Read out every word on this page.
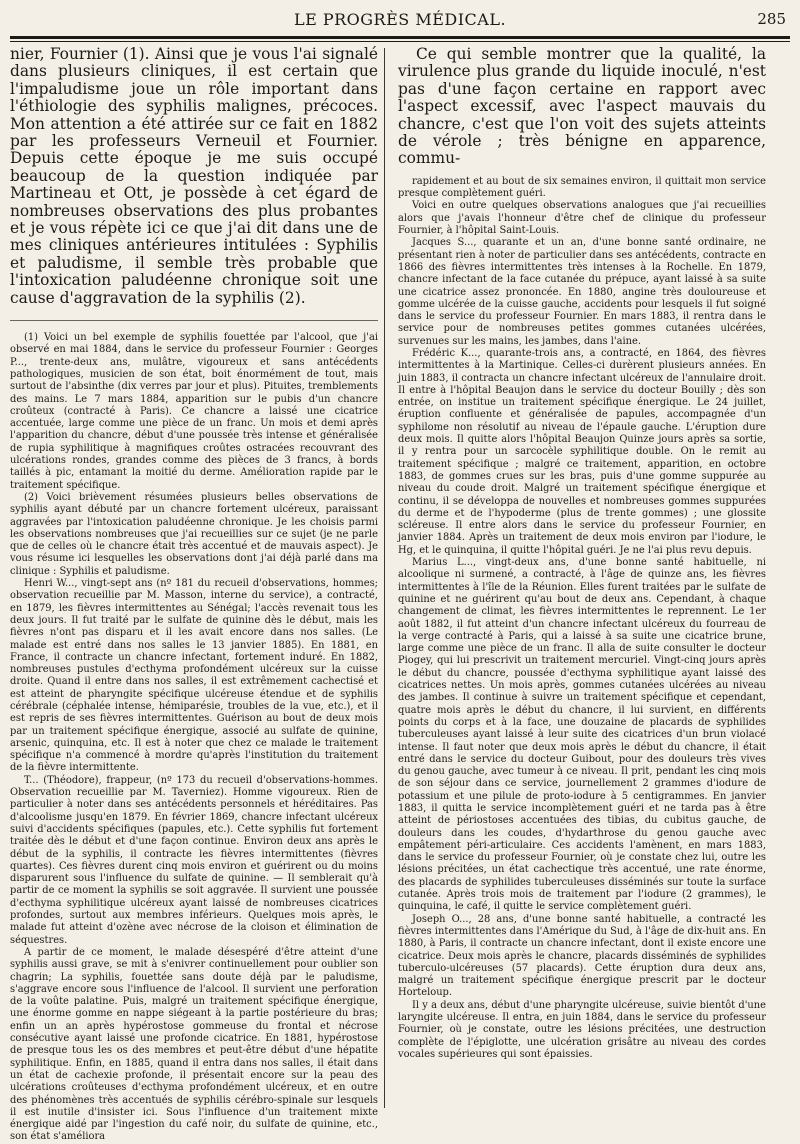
LE PROGRÈS MÉDICAL.	285

nier, Fournier (1). Ainsi que je vous l'ai signalé dans plusieurs cliniques, il est certain que l'impaludisme joue un rôle important dans l'éthiologie des syphilis malignes, précoces. Mon attention a été attirée sur ce fait en 1882 par les professeurs Verneuil et Fournier. Depuis cette époque je me suis occupé beaucoup de la question indiquée par Martineau et Ott, je possède à cet égard de nombreuses observations des plus probantes et je vous répète ici ce que j'ai dit dans une de mes cliniques antérieures intitulées : Syphilis et paludisme, il semble très probable que l'intoxication paludéenne chronique soit une cause d'aggravation de la syphilis (2).

(1) Voici un bel exemple de syphilis fouettée par l'alcool, que j'ai observé en mai 1884, dans le service du professeur Fournier : Georges P..., trente-deux ans, mulâtre, vigoureux et sans antécédents pathologiques, musicien de son état, boit énormément de tout, mais surtout de l'absinthe (dix verres par jour et plus). Pituites, tremblements des mains. Le 7 mars 1884, apparition sur le pubis d'un chancre croûteux (contracté à Paris). Ce chancre a laissé une cicatrice accentuée, large comme une pièce de un franc. Un mois et demi après l'apparition du chancre, début d'une poussée très intense et généralisée de rupia syphilitique à magnifiques croûtes ostracées recouvrant des ulcérations rondes, grandes comme des pièces de 3 francs, à bords taillés à pic, entamant la moitié du derme. Amélioration rapide par le traitement spécifique.

(2) Voici brièvement résumées plusieurs belles observations de syphilis ayant débuté par un chancre fortement ulcéreux, paraissant aggravées par l'intoxication paludéenne chronique. Je les choisis parmi les observations nombreuses que j'ai recueillies sur ce sujet (je ne parle que de celles où le chancre était très accentué et de mauvais aspect). Je vous résume ici lesquelles les observations dont j'ai déjà parlé dans ma clinique : Syphilis et paludisme.

Henri W..., vingt-sept ans (nº 181 du recueil d'observations, hommes; observation recueillie par M. Masson, interne du service), a contracté, en 1879, les fièvres intermittentes au Sénégal; l'accès revenait tous les deux jours. Il fut traité par le sulfate de quinine dès le début, mais les fièvres n'ont pas disparu et il les avait encore dans nos salles. (Le malade est entré dans nos salles le 13 janvier 1885). En 1881, en France, il contracte un chancre infectant, fortement induré. En 1882, nombreuses pustules d'ecthyma profondément ulcéreux sur la cuisse droite. Quand il entre dans nos salles, il est extrêmement cachectisé et est atteint de pharyngite spécifique ulcéreuse étendue et de syphilis cérébrale (céphalée intense, hémiparésie, troubles de la vue, etc.), et il est repris de ses fièvres intermittentes. Guérison au bout de deux mois par un traitement spécifique énergique, associé au sulfate de quinine, arsenic, quinquina, etc. Il est à noter que chez ce malade le traitement spécifique n'a commencé à mordre qu'après l'institution du traitement de la fièvre intermittente.

T... (Théodore), frappeur, (nº 173 du recueil d'observations-hommes. Observation recueillie par M. Taverniez). Homme vigoureux. Rien de particulier à noter dans ses antécédents personnels et héréditaires. Pas d'alcoolisme jusqu'en 1879. En février 1869, chancre infectant ulcéreux suivi d'accidents spécifiques (papules, etc.). Cette syphilis fut fortement traitée dès le début et d'une façon continue. Environ deux ans après le début de la syphilis, il contracte les fièvres intermittentes (fièvres quartes). Ces fièvres durent cinq mois environ et guérirent ou du moins disparurent sous l'influence du sulfate de quinine. — Il semblerait qu'à partir de ce moment la syphilis se soit aggravée. Il survient une poussée d'ecthyma syphilitique ulcéreux ayant laissé de nombreuses cicatrices profondes, surtout aux membres inférieurs. Quelques mois après, le malade fut atteint d'ozène avec nécrose de la cloison et élimination de séquestres.

A partir de ce moment, le malade désespéré d'être atteint d'une syphilis aussi grave, se mit à s'enivrer continuellement pour oublier son chagrin; La syphilis, fouettée sans doute déjà par le paludisme, s'aggrave encore sous l'influence de l'alcool. Il survient une perforation de la voûte palatine. Puis, malgré un traitement spécifique énergique, une énorme gomme en nappe siégeant à la partie postérieure du bras; enfin un an après hypérostose gommeuse du frontal et nécrose consécutive ayant laissé une profonde cicatrice. En 1881, hypérostose de presque tous les os des membres et peut-être début d'une hépatite syphilitique. Enfin, en 1885, quand il entra dans nos salles, il était dans un état de cachexie profonde, il présentait encore sur la peau des ulcérations croûteuses d'ecthyma profondément ulcéreux, et en outre des phénomènes très accentués de syphilis cérébro-spinale sur lesquels il est inutile d'insister ici. Sous l'influence d'un traitement mixte énergique aidé par l'ingestion du café noir, du sulfate de quinine, etc., son état s'améliora

Ce qui semble montrer que la qualité, la virulence plus grande du liquide inoculé, n'est pas d'une façon certaine en rapport avec l'aspect excessif, avec l'aspect mauvais du chancre, c'est que l'on voit des sujets atteints de vérole ; très bénigne en apparence, commu-

rapidement et au bout de six semaines environ, il quittait mon service presque complètement guéri.

Voici en outre quelques observations analogues que j'ai recueillies alors que j'avais l'honneur d'être chef de clinique du professeur Fournier, à l'hôpital Saint-Louis.

Jacques S..., quarante et un an, d'une bonne santé ordinaire, ne présentant rien à noter de particulier dans ses antécédents, contracte en 1866 des fièvres intermittentes très intenses à la Rochelle. En 1879, chancre infectant de la face cutanée du prépuce, ayant laissé à sa suite une cicatrice assez prononcée. En 1880, angine très douloureuse et gomme ulcérée de la cuisse gauche, accidents pour lesquels il fut soigné dans le service du professeur Fournier. En mars 1883, il rentra dans le service pour de nombreuses petites gommes cutanées ulcérées, survenues sur les mains, les jambes, dans l'aine.

Frédéric K..., quarante-trois ans, a contracté, en 1864, des fièvres intermittentes à la Martinique. Celles-ci durèrent plusieurs années. En juin 1883, il contracta un chancre infectant ulcéreux de l'annulaire droit. Il entre à l'hôpital Beaujon dans le service du docteur Bouilly ; dès son entrée, on institue un traitement spécifique énergique. Le 24 juillet, éruption confluente et généralisée de papules, accompagnée d'un syphilome non résolutif au niveau de l'épaule gauche. L'éruption dure deux mois. Il quitte alors l'hôpital Beaujon Quinze jours après sa sortie, il y rentra pour un sarcocèle syphilitique double. On le remit au traitement spécifique ; malgré ce traitement, apparition, en octobre 1883, de gommes crues sur les bras, puis d'une gomme suppurée au niveau du coude droit. Malgré un traitement spécifique énergique et continu, il se développa de nouvelles et nombreuses gommes suppurées du derme et de l'hypoderme (plus de trente gommes) ; une glossite scléreuse. Il entre alors dans le service du professeur Fournier, en janvier 1884. Après un traitement de deux mois environ par l'iodure, le Hg, et le quinquina, il quitte l'hôpital guéri. Je ne l'ai plus revu depuis.

Marius L..., vingt-deux ans, d'une bonne santé habituelle, ni alcoolique ni surmené, a contracté, à l'âge de quinze ans, les fièvres intermittentes à l'île de la Réunion. Elles furent traitées par le sulfate de quinine et ne guérirent qu'au bout de deux ans. Cependant, à chaque changement de climat, les fièvres intermittentes le reprennent. Le 1er août 1882, il fut atteint d'un chancre infectant ulcéreux du fourreau de la verge contracté à Paris, qui a laissé à sa suite une cicatrice brune, large comme une pièce de un franc. Il alla de suite consulter le docteur Piogey, qui lui prescrivit un traitement mercuriel. Vingt-cinq jours après le début du chancre, poussée d'ecthyma syphilitique ayant laissé des cicatrices nettes. Un mois après, gommes cutanées ulcérées au niveau des jambes. Il continue à suivre un traitement spécifique et cependant, quatre mois après le début du chancre, il lui survient, en différents points du corps et à la face, une douzaine de placards de syphilides tuberculeuses ayant laissé à leur suite des cicatrices d'un brun violacé intense. Il faut noter que deux mois après le début du chancre, il était entré dans le service du docteur Guibout, pour des douleurs très vives du genou gauche, avec tumeur à ce niveau. Il prit, pendant les cinq mois de son séjour dans ce service, journellement 2 grammes d'iodure de potassium et une pilule de proto-iodure à 5 centigrammes. En janvier 1883, il quitta le service incomplètement guéri et ne tarda pas à être atteint de périostoses accentuées des tibias, du cubitus gauche, de douleurs dans les coudes, d'hydarthrose du genou gauche avec empâtement péri-articulaire. Ces accidents l'amènent, en mars 1883, dans le service du professeur Fournier, où je constate chez lui, outre les lésions précitées, un état cachectique très accentué, une rate énorme, des placards de syphilides tuberculeuses disséminés sur toute la surface cutanée. Après trois mois de traitement par l'iodure (2 grammes), le quinquina, le café, il quitte le service complètement guéri.

Joseph O..., 28 ans, d'une bonne santé habituelle, a contracté les fièvres intermittentes dans l'Amérique du Sud, à l'âge de dix-huit ans. En 1880, à Paris, il contracte un chancre infectant, dont il existe encore une cicatrice. Deux mois après le chancre, placards disséminés de syphilides tuberculo-ulcéreuses (57 placards). Cette éruption dura deux ans, malgré un traitement spécifique énergique prescrit par le docteur Horteloup.

Il y a deux ans, début d'une pharyngite ulcéreuse, suivie bientôt d'une laryngite ulcéreuse. Il entra, en juin 1884, dans le service du professeur Fournier, où je constate, outre les lésions précitées, une destruction complète de l'épiglotte, une ulcération grisâtre au niveau des cordes vocales supérieures qui sont épaissies.
